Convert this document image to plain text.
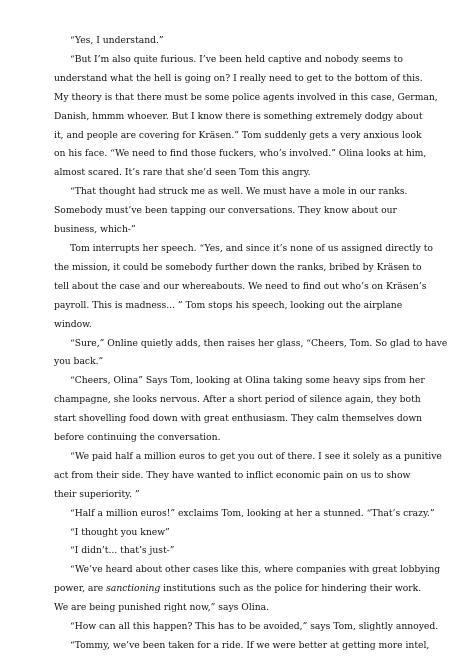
“Yes, I understand.”

“But I’m also quite furious. I’ve been held captive and nobody seems to
understand what the hell is going on? I really need to get to the bottom of this.
My theory is that there must be some police agents involved in this case, German,
Danish, hmmm whoever. But I know there is something extremely dodgy about
it, and people are covering for Kräsen.” Tom suddenly gets a very anxious look
on his face. “We need to find those fuckers, who’s involved.” Olina looks at him,
almost scared. It’s rare that she’d seen Tom this angry.

“That thought had struck me as well. We must have a mole in our ranks.
Somebody must’ve been tapping our conversations. They know about our
business, which-”

Tom interrupts her speech. “Yes, and since it’s none of us assigned directly to
the mission, it could be somebody further down the ranks, bribed by Kräsen to
tell about the case and our whereabouts. We need to find out who’s on Kräsen’s
payroll. This is madness... ” Tom stops his speech, looking out the airplane
window.

“Sure,” Online quietly adds, then raises her glass, “Cheers, Tom. So glad to have
you back.”

“Cheers, Olina” Says Tom, looking at Olina taking some heavy sips from her
champagne, she looks nervous. After a short period of silence again, they both
start shovelling food down with great enthusiasm. They calm themselves down
before continuing the conversation.

“We paid half a million euros to get you out of there. I see it solely as a punitive
act from their side. They have wanted to inflict economic pain on us to show
their superiority. ”

“Half a million euros!” exclaims Tom, looking at her a stunned. “That’s crazy.”

“I thought you knew”

“I didn’t... that’s just-”

“We’ve heard about other cases like this, where companies with great lobbying
power, are sanctioning institutions such as the police for hindering their work.
We are being punished right now,” says Olina.

“How can all this happen? This has to be avoided,” says Tom, slightly annoyed.

“Tommy, we’ve been taken for a ride. If we were better at getting more intel,
